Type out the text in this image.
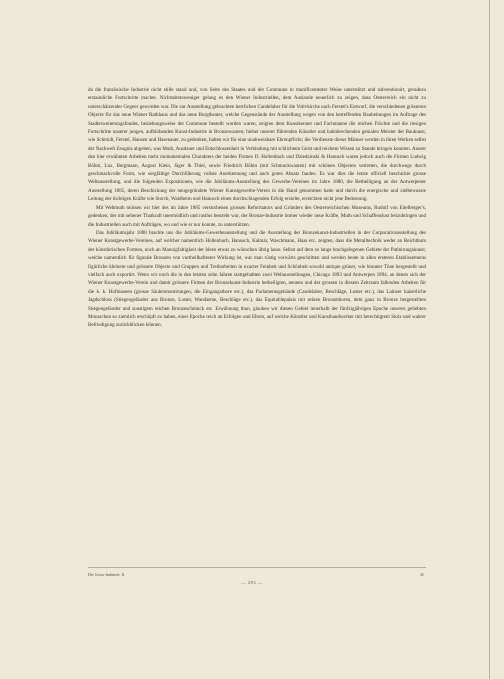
da die französische Industrie nicht stille stand und, von Seite des Staates und der Commune in munificentester Weise unterstützt und subventionirt, geradezu erstaunliche Fortschritte machte. Nichtsdestoweniger gelang es den Wiener Industriellen, dem Auslande neuerlich zu zeigen, dass Oesterreich ein nicht zu unterschätzender Gegner geworden war. Die zur Ausstellung gebrachten herrlichen Candelaber für die Votivkirche nach Ferstel's Entwurf, die verschiedenen grösseren Objecte für das neue Wiener Rathhaus und das neue Burgtheater, welche Gegenstände der Ausstellung wegen von den betreffenden Baubeitungen im Auftrage des Stadterweiterungsfondes, beziehungsweise der Commune bestellt worden waren, zeigten dem Kunstkenner und Fachmanne die reichen Früchte und die riesigen Fortschritte unserer jungen, aufblühenden Kunst-Industrie in Bronzewaaren; hiebei unserer führenden Künstler und bahnbrechenden genialen Meister der Baukunst, wie Schmidt, Ferstel, Hansen und Hasenauer, zu gedenken, halten wir für eine unabweisbare Ehrenpflicht; die Verdienste dieser Männer werden in ihren Werken selbst der Nachwelt Zeugnis abgeben, was Muth, Ausdauer und Entschlossenheit in Verbindung mit schlichtem Geist und reichem Wissen zu Stande bringen konnten. Ausser den hier erwähnten Arbeiten mehr monumentalen Charakters der beiden Firmen D. Hollenbach und Dziedzinski & Hanusch waren jedoch auch die Firmen Ludwig Böhm, Lux, Bergmann, August Klein, Jäger & Thiel, sowie Friedrich Böhm (mit Schmuckwaaren) mit schönen Objecten vertreten, die durchwegs durch geschmackvolle Form, wie sorgfältige Durchführung vollste Anerkennung und auch guten Absatz fanden. Es war dies die letzte officiell beschickte grosse Weltausstellung, und die folgenden Expositionen, wie die Jubiläums-Ausstellung des Gewerbe-Vereines im Jahre 1880, die Betheiligung an der Antwerpener Ausstellung 1885, deren Beschickung der neugegründete Wiener Kunstgewerbe-Verein in die Hand genommen hatte und durch die energische und zielbewusste Leitung der tüchtigen Kräfte wie Storck, Waldheim und Hanusch einen durchschlagenden Erfolg erzielte, erreichten nicht jene Bedeutung.

Mit Wehmuth müssen wir hier des im Jahre 1885 verstorbenen grossen Reformators und Gründers des Oesterreichischen Museums, Rudolf von Eitelberger's, gedenken, der mit seltener Thatkraft unermüdlich und rastlos bestrebt war, der Bronze-Industrie immer wieder neue Kräfte, Muth und Schaffenslust beizubringen und die Industriellen auch mit Aufträgen, wo und wie er nur konnte, zu unterstützen.

Das Jubiläumsjahr 1888 brachte uns die Jubiläums-Gewerbeausstellung und die Ausstellung der Bronzekunst-Industriellen in der Corporativausstellung des Wiener Kunstgewerbe-Vereines, auf welcher namentlich Hollenbach, Hanusch, Kalmár, Waschmann, Haas etc. zeigten, dass die Metalltechnik weder an Reichthum der künstlerischen Formen, noch an Mannigfaltigkeit der Ideen etwas zu wünschen übrig lasse. Selbst auf dem so lange brachgelegenen Gebiete der Patinirungskunst, welche namentlich für figurale Bronzen von vortheilhaftester Wirkung ist, war man rüstig vorwärts geschritten und werden heute in allen ersteren Etablissements figürliche kleinere und grössere Objecte und Gruppen und Treibarbeiten in exacter Feinheit und Schönheit sowohl antique grüner, wie brauner Töne hergestellt und vielfach auch exportirt. Wenn wir noch die in den letzten zehn Jahren stattgehabten zwei Weltausstellungen, Chicago 1893 und Antwerpen 1894, an denen sich der Wiener Kunstgewerbe-Verein und damit grössere Firmen der Bronzekunst-Industrie betheiligten, nennen und der grossen in diesem Zeitraum fallenden Arbeiten für die k. k. Hofmuseen (grosse Säulenmontirungen, die Eingangsthore etc.), das Parlamentsgebäude (Candelaber, Beschläge, Luster etc.), das Lainzer kaiserliche Jagdschloss (Stiegengeländer aus Bronze, Luster, Wandarme, Beschläge etc.), das Equitablepalais mit seinen Bronzethoren, dem ganz in Bronze hergestellten Stiegengeländer und sonstigem reichen Bronzeschmuck etc. Erwähnung thun, glauben wir diesen Gebiet innerhalb der fünfzigjährigen Epoche unseres geliebten Monarchen so ziemlich erschöpft zu haben, einer Epoche reich an Erfolgen und Ehren, auf welche Künstler und Kunsthandwerker mit berechtigtem Stolz und wahrer Befriedigung zurückblicken können.

Die Gross-Industrie. II.	45
— 293 —
